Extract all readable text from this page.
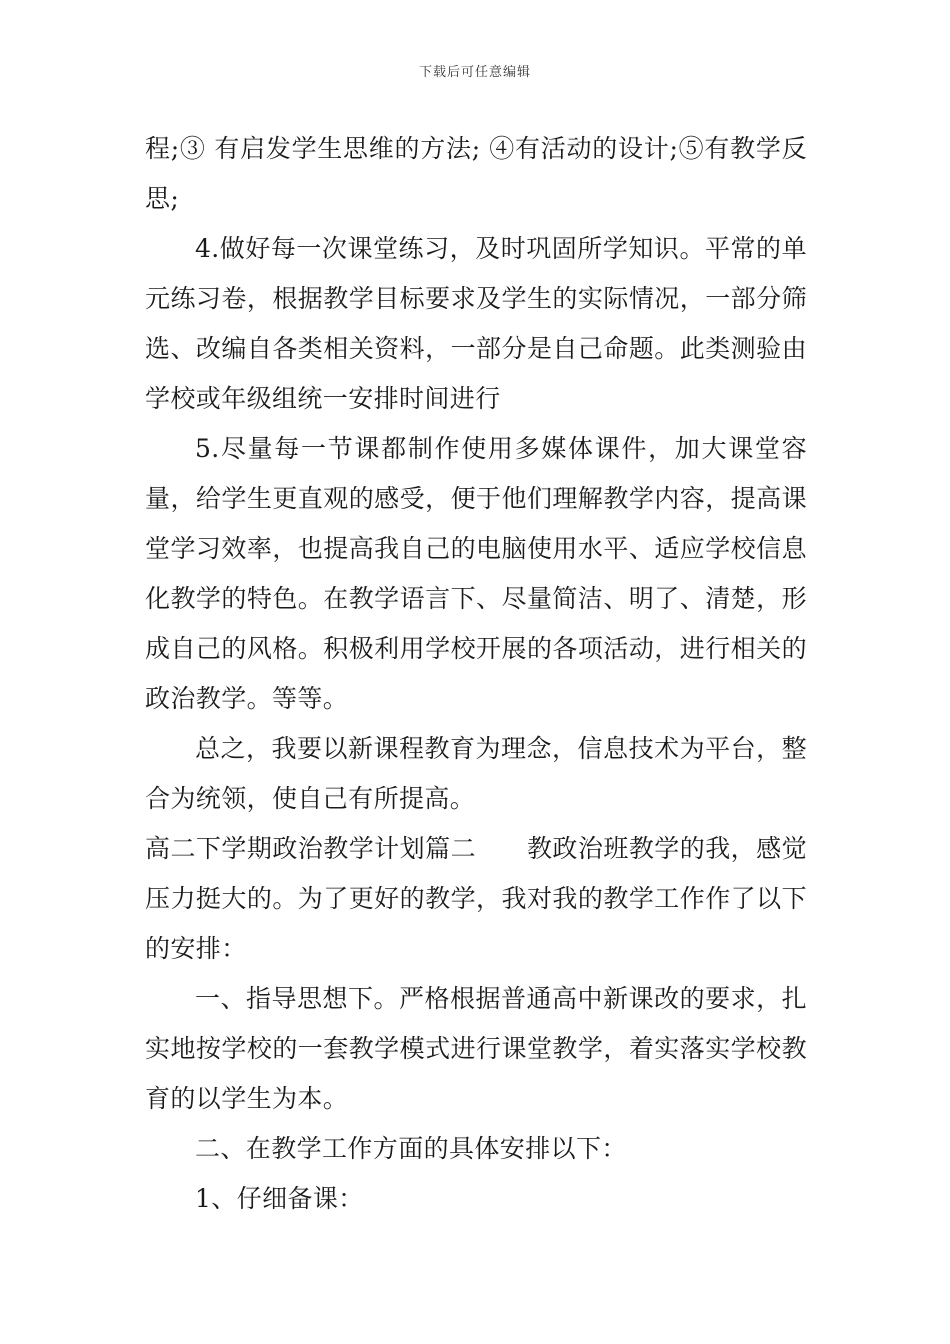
下载后可任意编辑

程;③ 有启发学生思维的方法; ④有活动的设计;⑤有教学反思;

4.做好每一次课堂练习，及时巩固所学知识。平常的单元练习卷，根据教学目标要求及学生的实际情况，一部分筛选、改编自各类相关资料，一部分是自己命题。此类测验由学校或年级组统一安排时间进行

5.尽量每一节课都制作使用多媒体课件，加大课堂容量，给学生更直观的感受，便于他们理解教学内容，提高课堂学习效率，也提高我自己的电脑使用水平、适应学校信息化教学的特色。在教学语言下、尽量简洁、明了、清楚，形成自己的风格。积极利用学校开展的各项活动，进行相关的政治教学。等等。

总之，我要以新课程教育为理念，信息技术为平台，整合为统领，使自己有所提高。

高二下学期政治教学计划篇二　　教政治班教学的我，感觉压力挺大的。为了更好的教学，我对我的教学工作作了以下的安排：

一、指导思想下。严格根据普通高中新课改的要求，扎实地按学校的一套教学模式进行课堂教学，着实落实学校教育的以学生为本。

二、在教学工作方面的具体安排以下：

1、仔细备课：
